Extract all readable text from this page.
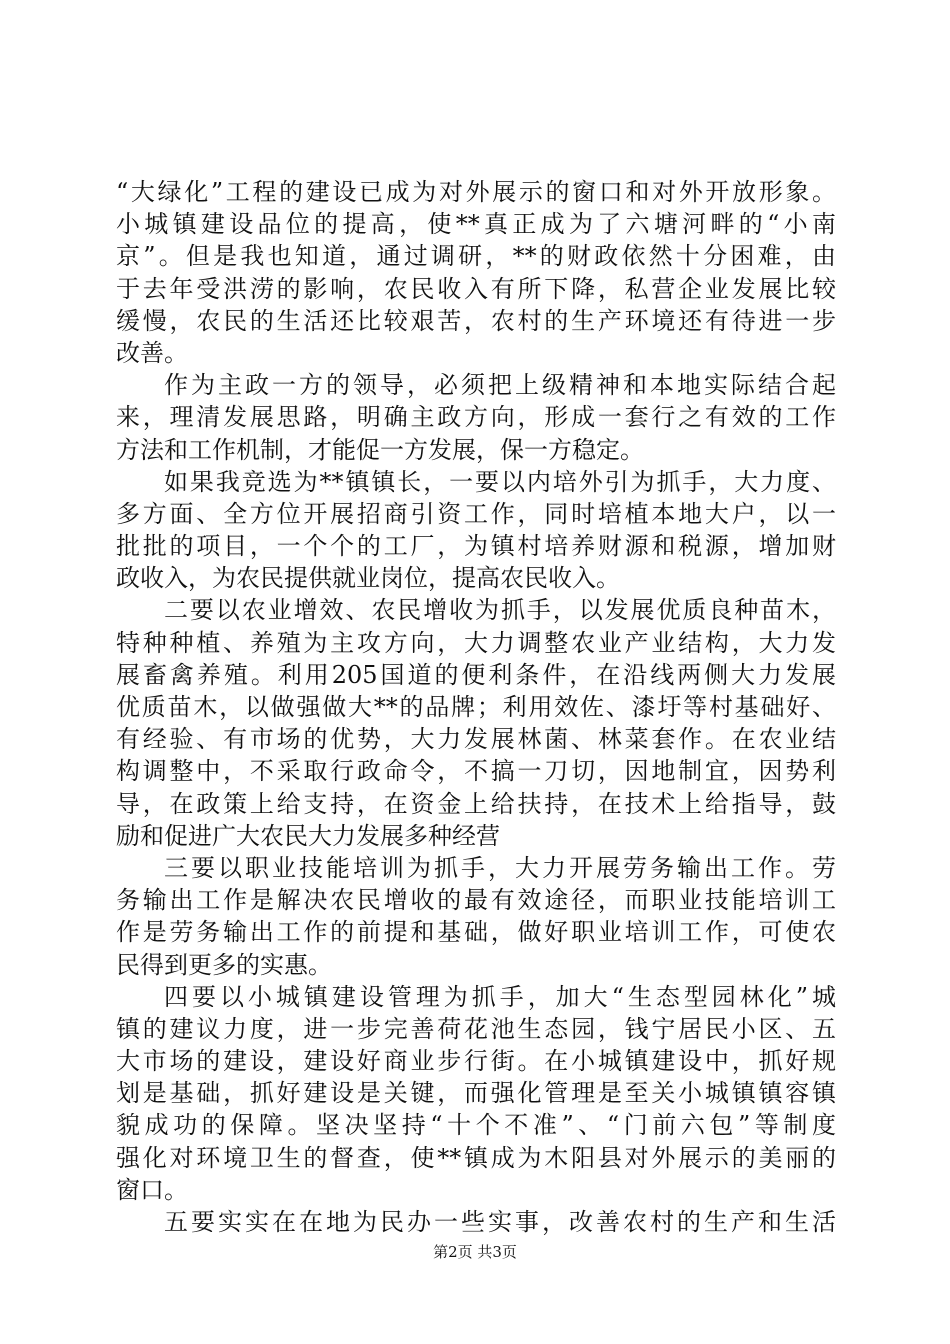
“大绿化”工程的建设已成为对外展示的窗口和对外开放形象。
小城镇建设品位的提高，使**真正成为了六塘河畔的“小南
京”。但是我也知道，通过调研，**的财政依然十分困难，由
于去年受洪涝的影响，农民收入有所下降，私营企业发展比较
缓慢，农民的生活还比较艰苦，农村的生产环境还有待进一步
改善。
作为主政一方的领导，必须把上级精神和本地实际结合起
来，理清发展思路，明确主政方向，形成一套行之有效的工作
方法和工作机制，才能促一方发展，保一方稳定。
如果我竞选为**镇镇长，一要以内培外引为抓手，大力度、
多方面、全方位开展招商引资工作，同时培植本地大户，以一
批批的项目，一个个的工厂，为镇村培养财源和税源，增加财
政收入，为农民提供就业岗位，提高农民收入。
二要以农业增效、农民增收为抓手，以发展优质良种苗木，
特种种植、养殖为主攻方向，大力调整农业产业结构，大力发
展畜禽养殖。利用205国道的便利条件，在沿线两侧大力发展
优质苗木，以做强做大**的品牌；利用效佐、漆圩等村基础好、
有经验、有市场的优势，大力发展林菌、林菜套作。在农业结
构调整中，不采取行政命令，不搞一刀切，因地制宜，因势利
导，在政策上给支持，在资金上给扶持，在技术上给指导，鼓
励和促进广大农民大力发展多种经营
三要以职业技能培训为抓手，大力开展劳务输出工作。劳
务输出工作是解决农民增收的最有效途径，而职业技能培训工
作是劳务输出工作的前提和基础，做好职业培训工作，可使农
民得到更多的实惠。
四要以小城镇建设管理为抓手，加大“生态型园林化”城
镇的建议力度，进一步完善荷花池生态园，钱宁居民小区、五
大市场的建设，建设好商业步行街。在小城镇建设中，抓好规
划是基础，抓好建设是关键，而强化管理是至关小城镇镇容镇
貌成功的保障。坚决坚持“十个不准”、“门前六包”等制度
强化对环境卫生的督查，使**镇成为木阳县对外展示的美丽的
窗口。
五要实实在在地为民办一些实事，改善农村的生产和生活
第2页 共3页
